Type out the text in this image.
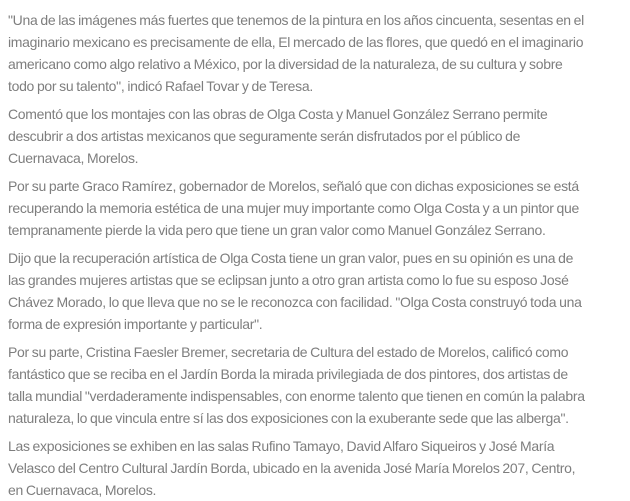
"Una de las imágenes más fuertes que tenemos de la pintura en los años cincuenta, sesentas en el
imaginario mexicano es precisamente de ella, El mercado de las flores, que quedó en el imaginario
americano como algo relativo a México, por la diversidad de la naturaleza, de su cultura y sobre
todo por su talento", indicó Rafael Tovar y de Teresa.

Comentó que los montajes con las obras de Olga Costa y Manuel González Serrano permite
descubrir a dos artistas mexicanos que seguramente serán disfrutados por el público de
Cuernavaca, Morelos.

Por su parte Graco Ramírez, gobernador de Morelos, señaló que con dichas exposiciones se está
recuperando la memoria estética de una mujer muy importante como Olga Costa y a un pintor que
tempranamente pierde la vida pero que tiene un gran valor como Manuel González Serrano.

Dijo que la recuperación artística de Olga Costa tiene un gran valor, pues en su opinión es una de
las grandes mujeres artistas que se eclipsan junto a otro gran artista como lo fue su esposo José
Chávez Morado, lo que lleva que no se le reconozca con facilidad. "Olga Costa construyó toda una
forma de expresión importante y particular".

Por su parte, Cristina Faesler Bremer, secretaria de Cultura del estado de Morelos, calificó como
fantástico que se reciba en el Jardín Borda la mirada privilegiada de dos pintores, dos artistas de
talla mundial "verdaderamente indispensables, con enorme talento que tienen en común la palabra
naturaleza, lo que vincula entre sí las dos exposiciones con la exuberante sede que las alberga".

Las exposiciones se exhiben en las salas Rufino Tamayo, David Alfaro Siqueiros y José María
Velasco del Centro Cultural Jardín Borda, ubicado en la avenida José María Morelos 207, Centro,
en Cuernavaca, Morelos.
